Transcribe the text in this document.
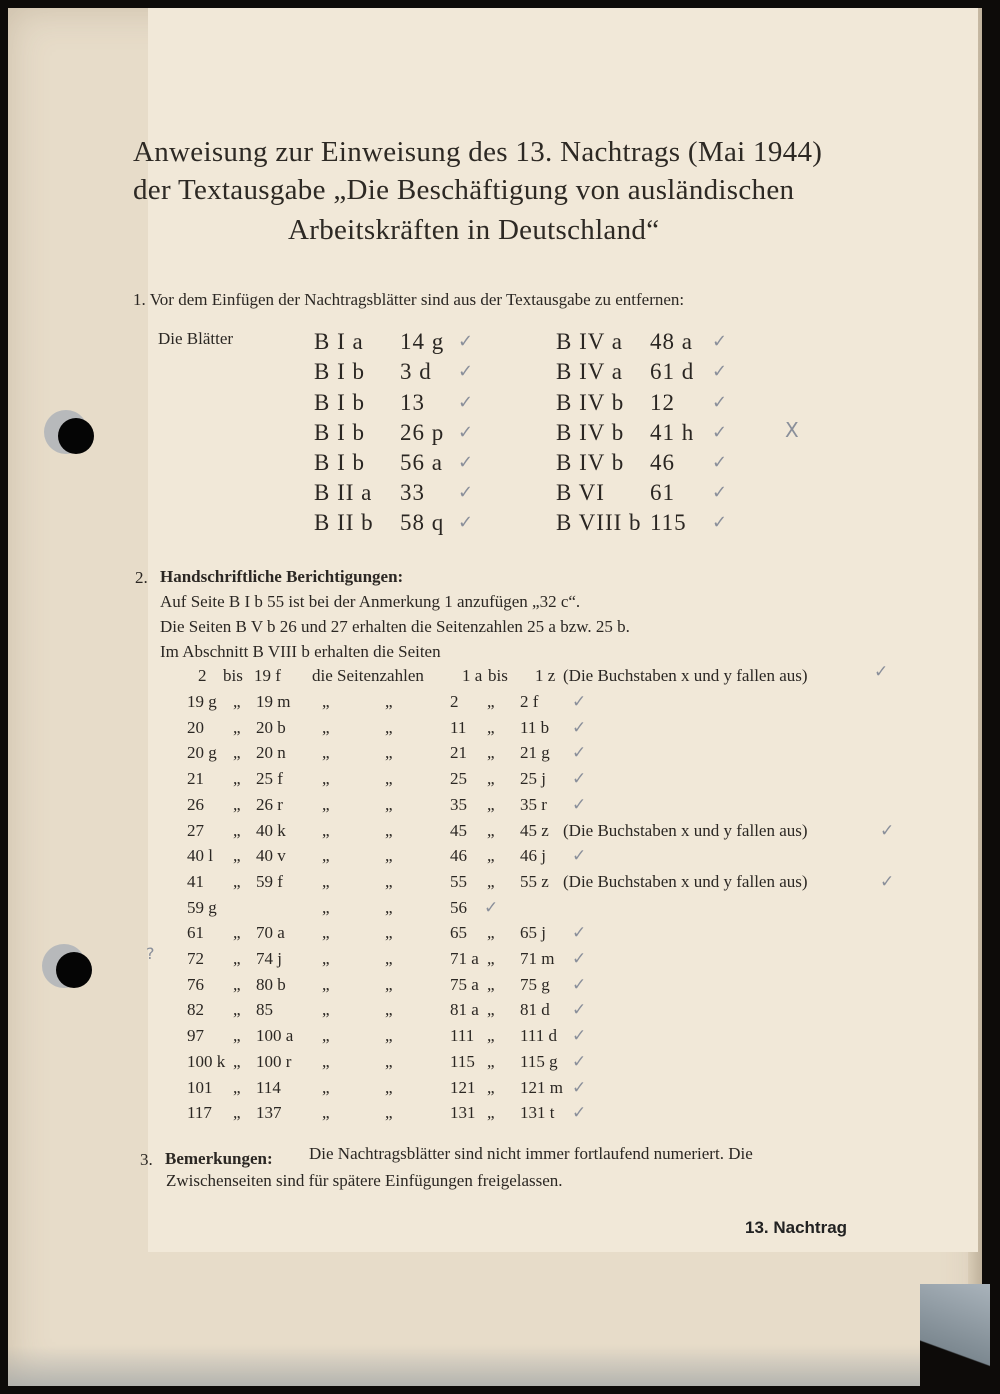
Anweisung zur Einweisung des 13. Nachtrags (Mai 1944)
der Textausgabe „Die Beschäftigung von ausländischen
Arbeitskräften in Deutschland“
1. Vor dem Einfügen der Nachtragsblätter sind aus der Textausgabe zu entfernen:
Die Blätter	B I a 14 g ✓
B I b 3 d ✓
B I b 13 ✓
B I b 26 p ✓
B I b 56 a ✓
B II a 33 ✓
B II b 58 q ✓
B IV a 48 a ✓
B IV a 61 d ✓
B IV b 12 ✓
B IV b 41 h ✓
B IV b 46 ✓
B VI 61 ✓
B VIII b 115 ✓
2. Handschriftliche Berichtigungen:
Auf Seite B I b 55 ist bei der Anmerkung 1 anzufügen „32 c“.
Die Seiten B V b 26 und 27 erhalten die Seitenzahlen 25 a bzw. 25 b.
Im Abschnitt B VIII b erhalten die Seiten
2 bis 19 f die Seitenzahlen 1 a bis 1 z (Die Buchstaben x und y fallen aus)	✓
19 g „ 19 m „	„	2 „ 2 f ✓
20 „ 20 b „	„	11 „ 11 b ✓
20 g „ 20 n „	„	21 „ 21 g ✓
21 „ 25 f „	„	25 „ 25 j ✓
26 „ 26 r „	„	35 „ 35 r ✓
27 „ 40 k „	„	45 „ 45 z (Die Buchstaben x und y fallen aus)	✓
40 l „ 40 v „	„	46 „ 46 j ✓
41 „ 59 f „	„	55 „ 55 z (Die Buchstaben x und y fallen aus)	✓
59 g	„	„	56 ✓
61 „ 70 a „	„	65 „ 65 j ✓
72 „ 74 j „	„	71 a „ 71 m ✓
76 „ 80 b „	„	75 a „ 75 g ✓
82 „ 85	„	„	81 a „ 81 d ✓
97 „ 100 a „	„	111 „ 111 d ✓
100 k „ 100 r „	„	115 „ 115 g ✓
101 „ 114 „	„	121 „ 121 m ✓
117 „ 137 „	„	131 „ 131 t ✓
3. Bemerkungen: Die Nachtragsblätter sind nicht immer fortlaufend numeriert. Die
Zwischenseiten sind für spätere Einfügungen freigelassen.
13. Nachtrag
X
?
